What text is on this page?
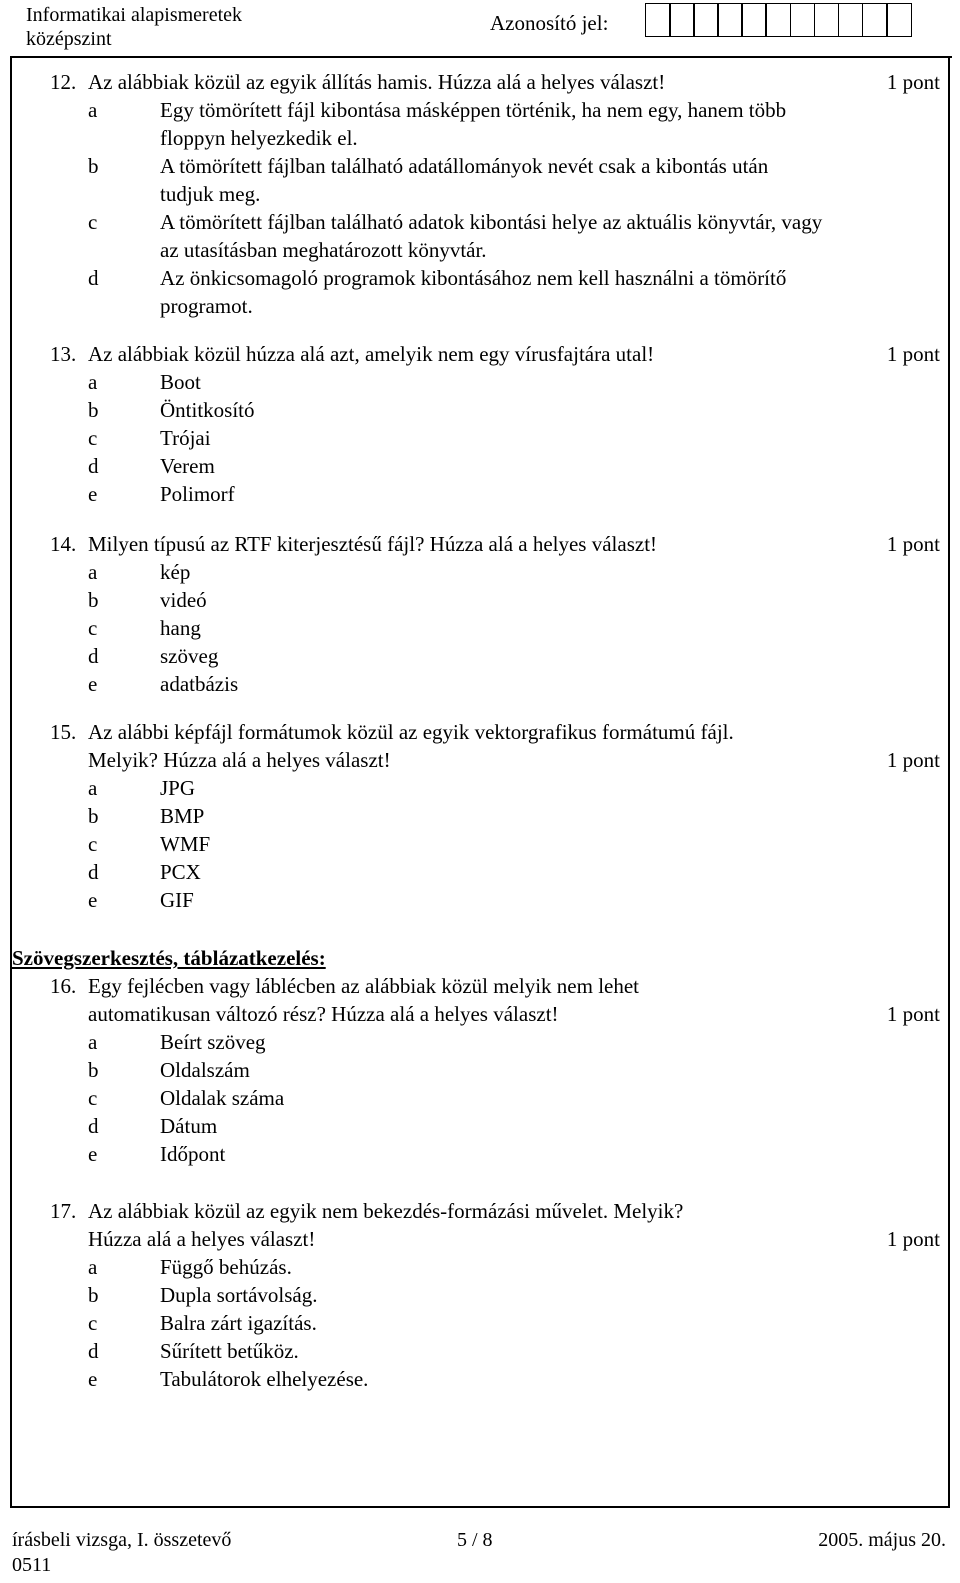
Informatikai alapismeretek
középszint
Azonosító jel:
12. Az alábbiak közül az egyik állítás hamis. Húzza alá a helyes választ!	1 pont
a	Egy tömörített fájl kibontása másképpen történik, ha nem egy, hanem több
floppyn helyezkedik el.
b	A tömörített fájlban található adatállományok nevét csak a kibontás után
tudjuk meg.
c	A tömörített fájlban található adatok kibontási helye az aktuális könyvtár, vagy
az utasításban meghatározott könyvtár.
d	Az önkicsomagoló programok kibontásához nem kell használni a tömörítő
programot.
13. Az alábbiak közül húzza alá azt, amelyik nem egy vírusfajtára utal!	1 pont
a	Boot
b	Öntitkosító
c	Trójai
d	Verem
e	Polimorf
14. Milyen típusú az RTF kiterjesztésű fájl? Húzza alá a helyes választ!	1 pont
a	kép
b	videó
c	hang
d	szöveg
e	adatbázis
15. Az alábbi képfájl formátumok közül az egyik vektorgrafikus formátumú fájl.
Melyik? Húzza alá a helyes választ!	1 pont
a	JPG
b	BMP
c	WMF
d	PCX
e	GIF
Szövegszerkesztés, táblázatkezelés:
16. Egy fejlécben vagy láblécben az alábbiak közül melyik nem lehet
automatikusan változó rész? Húzza alá a helyes választ!	1 pont
a	Beírt szöveg
b	Oldalszám
c	Oldalak száma
d	Dátum
e	Időpont
17. Az alábbiak közül az egyik nem bekezdés-formázási művelet. Melyik?
Húzza alá a helyes választ!	1 pont
a	Függő behúzás.
b	Dupla sortávolság.
c	Balra zárt igazítás.
d	Sűrített betűköz.
e	Tabulátorok elhelyezése.
írásbeli vizsga, I. összetevő
0511
5 / 8	2005. május 20.
